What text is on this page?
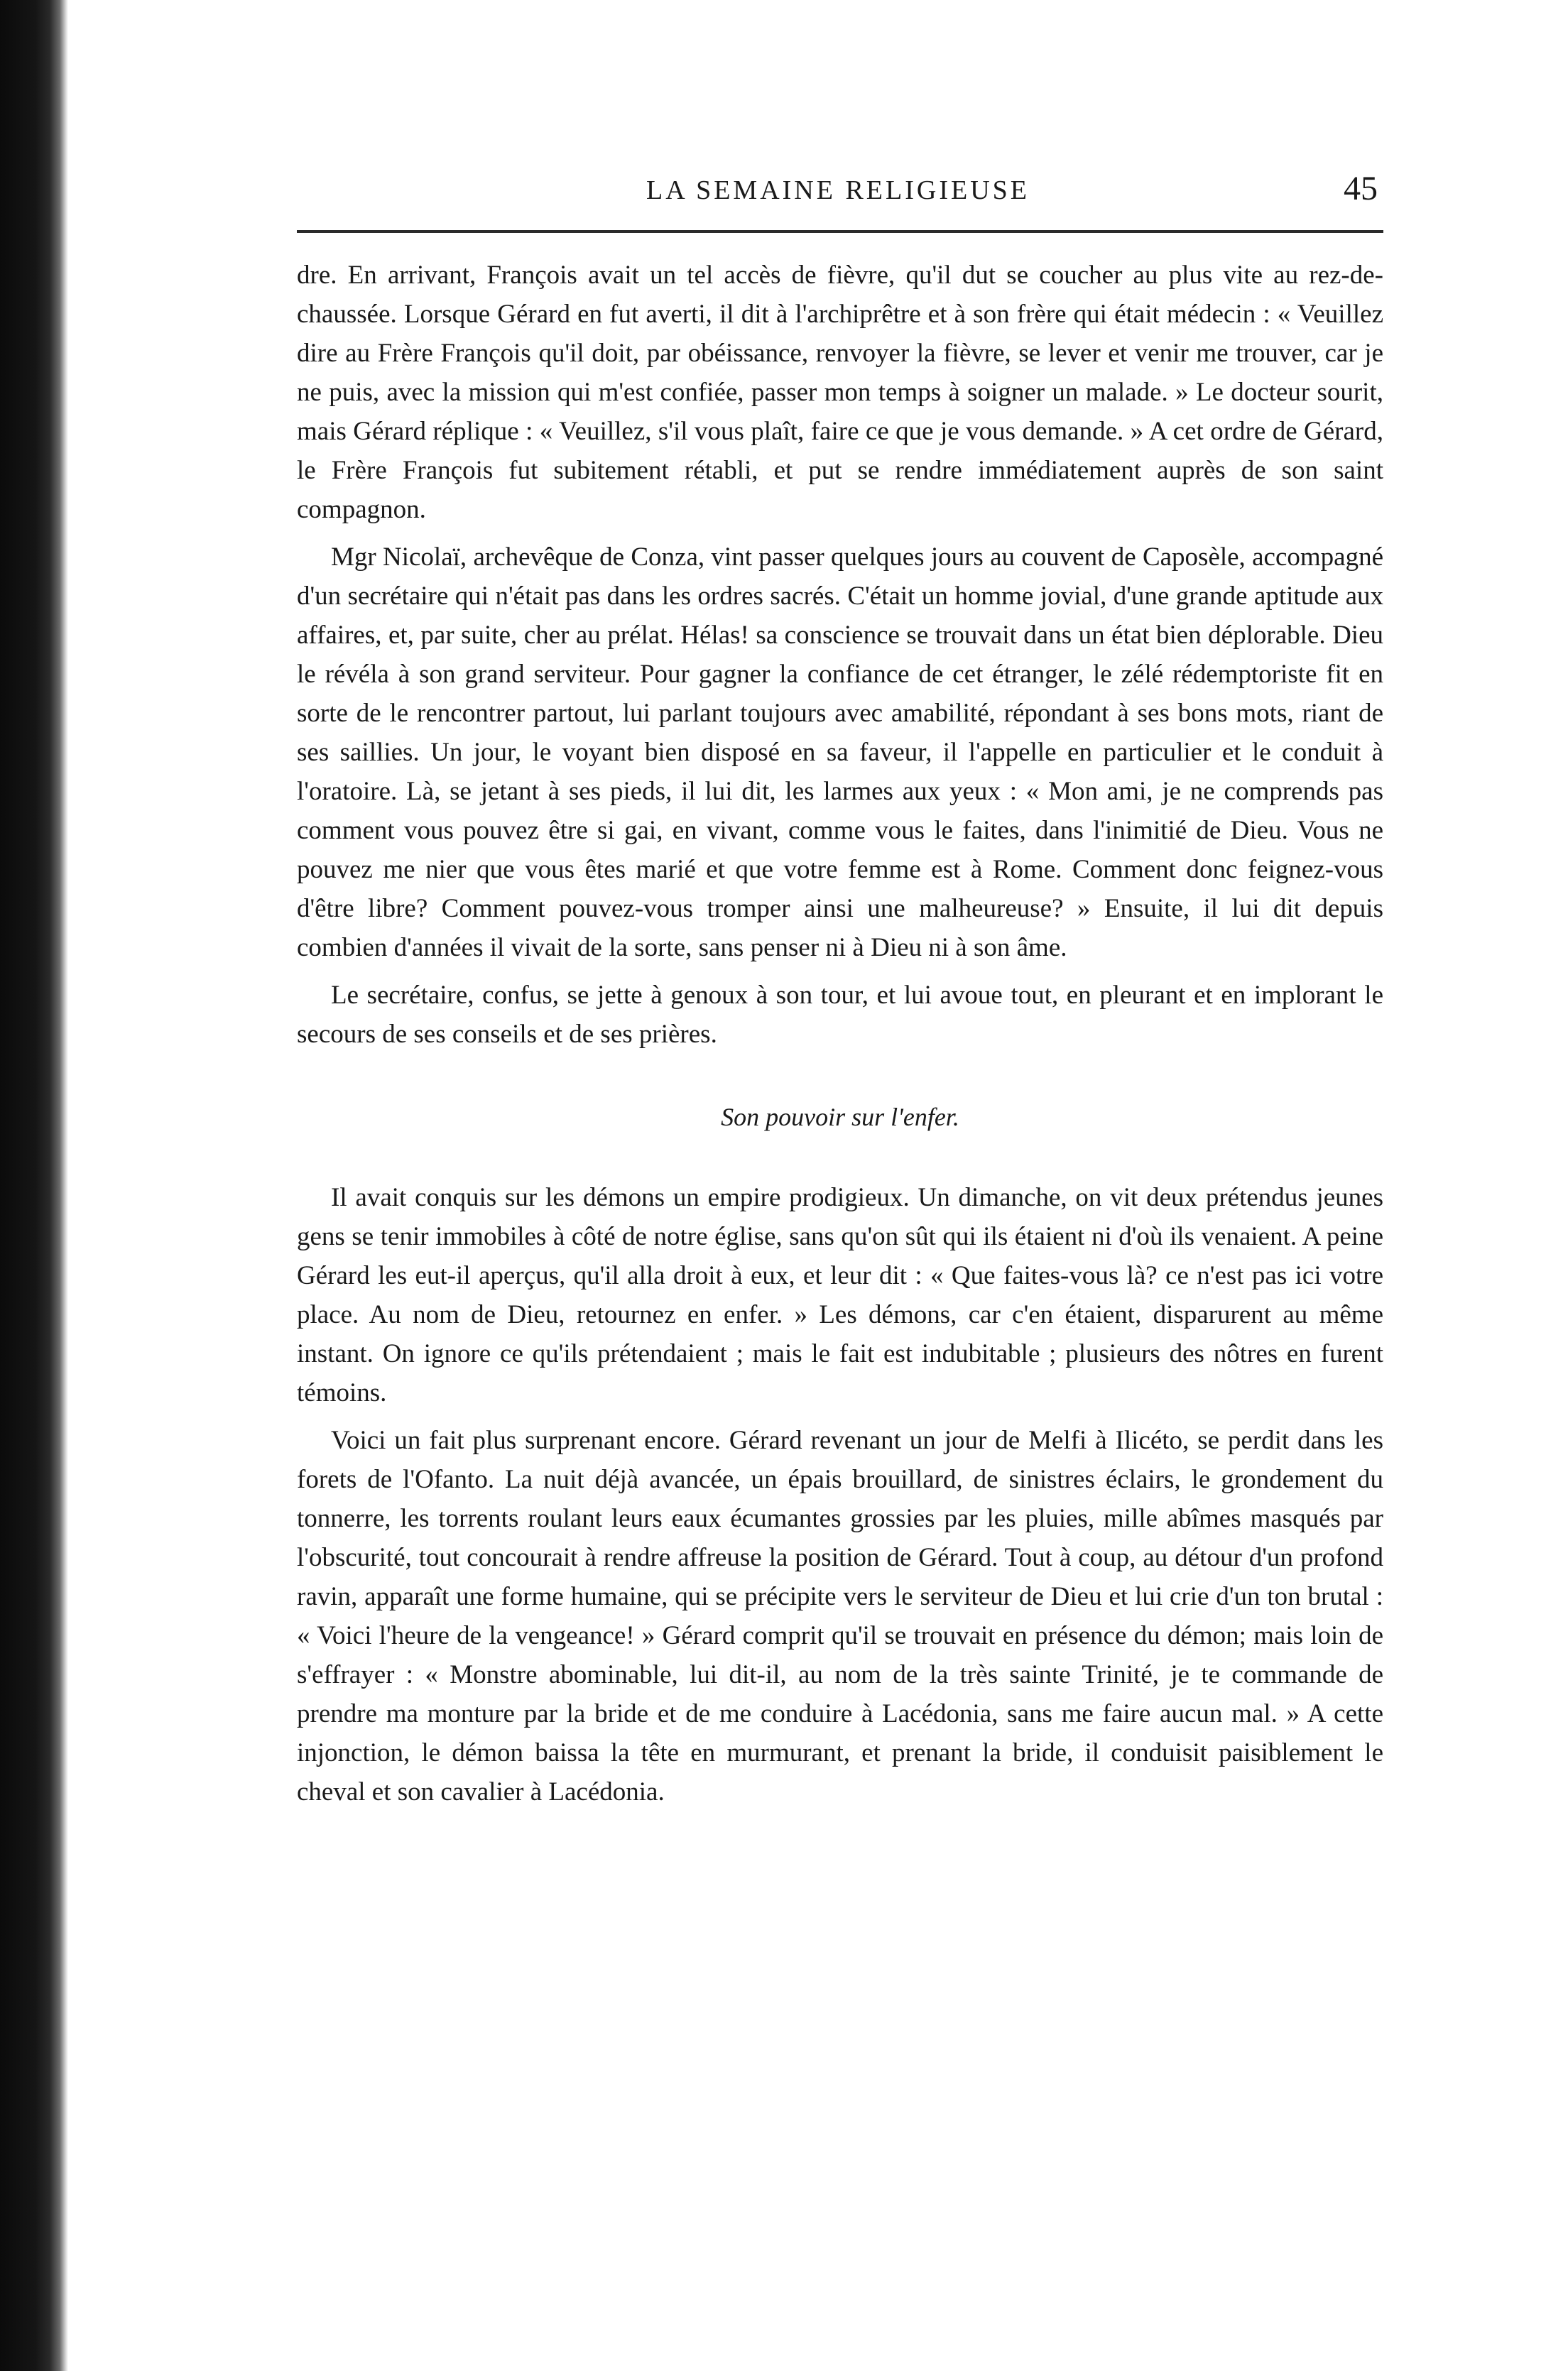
LA SEMAINE RELIGIEUSE	45

dre. En arrivant, François avait un tel accès de fièvre, qu'il dut se coucher au plus vite au rez-de-chaussée. Lorsque Gérard en fut averti, il dit à l'archiprêtre et à son frère qui était médecin : « Veuillez dire au Frère François qu'il doit, par obéissance, renvoyer la fièvre, se lever et venir me trouver, car je ne puis, avec la mission qui m'est confiée, passer mon temps à soigner un malade. » Le docteur sourit, mais Gérard réplique : « Veuillez, s'il vous plaît, faire ce que je vous demande. » A cet ordre de Gérard, le Frère François fut subitement rétabli, et put se rendre immédiatement auprès de son saint compagnon.

Mgr Nicolaï, archevêque de Conza, vint passer quelques jours au couvent de Caposèle, accompagné d'un secrétaire qui n'était pas dans les ordres sacrés. C'était un homme jovial, d'une grande aptitude aux affaires, et, par suite, cher au prélat. Hélas! sa conscience se trouvait dans un état bien déplorable. Dieu le révéla à son grand serviteur. Pour gagner la confiance de cet étranger, le zélé rédemptoriste fit en sorte de le rencontrer partout, lui parlant toujours avec amabilité, répondant à ses bons mots, riant de ses saillies. Un jour, le voyant bien disposé en sa faveur, il l'appelle en particulier et le conduit à l'oratoire. Là, se jetant à ses pieds, il lui dit, les larmes aux yeux : « Mon ami, je ne comprends pas comment vous pouvez être si gai, en vivant, comme vous le faites, dans l'inimitié de Dieu. Vous ne pouvez me nier que vous êtes marié et que votre femme est à Rome. Comment donc feignez-vous d'être libre? Comment pouvez-vous tromper ainsi une malheureuse? » Ensuite, il lui dit depuis combien d'années il vivait de la sorte, sans penser ni à Dieu ni à son âme.

Le secrétaire, confus, se jette à genoux à son tour, et lui avoue tout, en pleurant et en implorant le secours de ses conseils et de ses prières.

Son pouvoir sur l'enfer.

Il avait conquis sur les démons un empire prodigieux. Un dimanche, on vit deux prétendus jeunes gens se tenir immobiles à côté de notre église, sans qu'on sût qui ils étaient ni d'où ils venaient. A peine Gérard les eut-il aperçus, qu'il alla droit à eux, et leur dit : « Que faites-vous là? ce n'est pas ici votre place. Au nom de Dieu, retournez en enfer. » Les démons, car c'en étaient, disparurent au même instant. On ignore ce qu'ils prétendaient ; mais le fait est indubitable ; plusieurs des nôtres en furent témoins.

Voici un fait plus surprenant encore. Gérard revenant un jour de Melfi à Ilicéto, se perdit dans les forets de l'Ofanto. La nuit déjà avancée, un épais brouillard, de sinistres éclairs, le grondement du tonnerre, les torrents roulant leurs eaux écumantes grossies par les pluies, mille abîmes masqués par l'obscurité, tout concourait à rendre affreuse la position de Gérard. Tout à coup, au détour d'un profond ravin, apparaît une forme humaine, qui se précipite vers le serviteur de Dieu et lui crie d'un ton brutal : « Voici l'heure de la vengeance! » Gérard comprit qu'il se trouvait en présence du démon; mais loin de s'effrayer : « Monstre abominable, lui dit-il, au nom de la très sainte Trinité, je te commande de prendre ma monture par la bride et de me conduire à Lacédonia, sans me faire aucun mal. » A cette injonction, le démon baissa la tête en murmurant, et prenant la bride, il conduisit paisiblement le cheval et son cavalier à Lacédonia.
